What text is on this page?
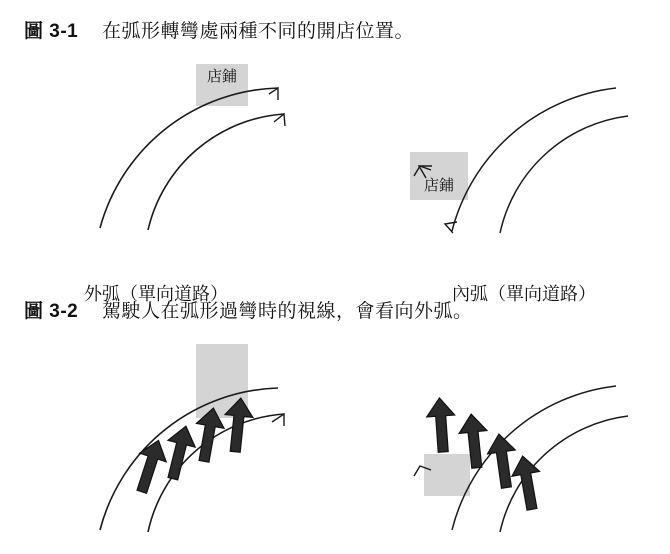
圖 3-1 在弧形轉彎處兩種不同的開店位置。
店鋪
店鋪
外弧（單向道路）	內弧（單向道路）
圖 3-2 駕駛人在弧形過彎時的視線，會看向外弧。
